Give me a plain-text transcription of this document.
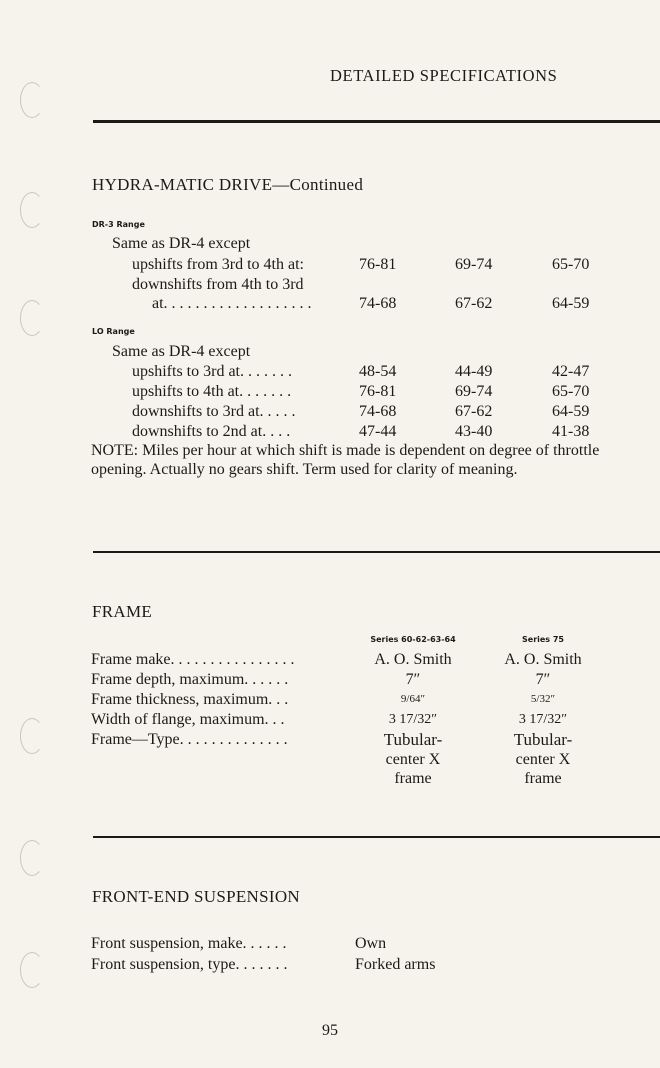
DETAILED SPECIFICATIONS
HYDRA-MATIC DRIVE—Continued
DR-3 Range
Same as DR-4 except
upshifts from 3rd to 4th at:	76-81	69-74	65-70
downshifts from 4th to 3rd
at. . . . . . . . . . . . . . . . . . .	74-68	67-62	64-59
LO Range
Same as DR-4 except
upshifts to 3rd at. . . . . . .	48-54	44-49	42-47
upshifts to 4th at. . . . . . .	76-81	69-74	65-70
downshifts to 3rd at. . . . .	74-68	67-62	64-59
downshifts to 2nd at. . . .	47-44	43-40	41-38
NOTE: Miles per hour at which shift is made is dependent on degree of throttle opening. Actually no gears shift. Term used for clarity of meaning.
FRAME
Series 60-62-63-64	Series 75
Frame make. . . . . . . . . . . . . . . .	A. O. Smith	A. O. Smith
Frame depth, maximum. . . . . .	7″	7″
Frame thickness, maximum. . .	9/64″	5/32″
Width of flange, maximum. . .	3 17/32″	3 17/32″
Frame—Type. . . . . . . . . . . . . .	Tubular-	Tubular-
center X	center X
frame	frame
FRONT-END SUSPENSION
Front suspension, make. . . . . .	Own
Front suspension, type. . . . . . .	Forked arms
95
